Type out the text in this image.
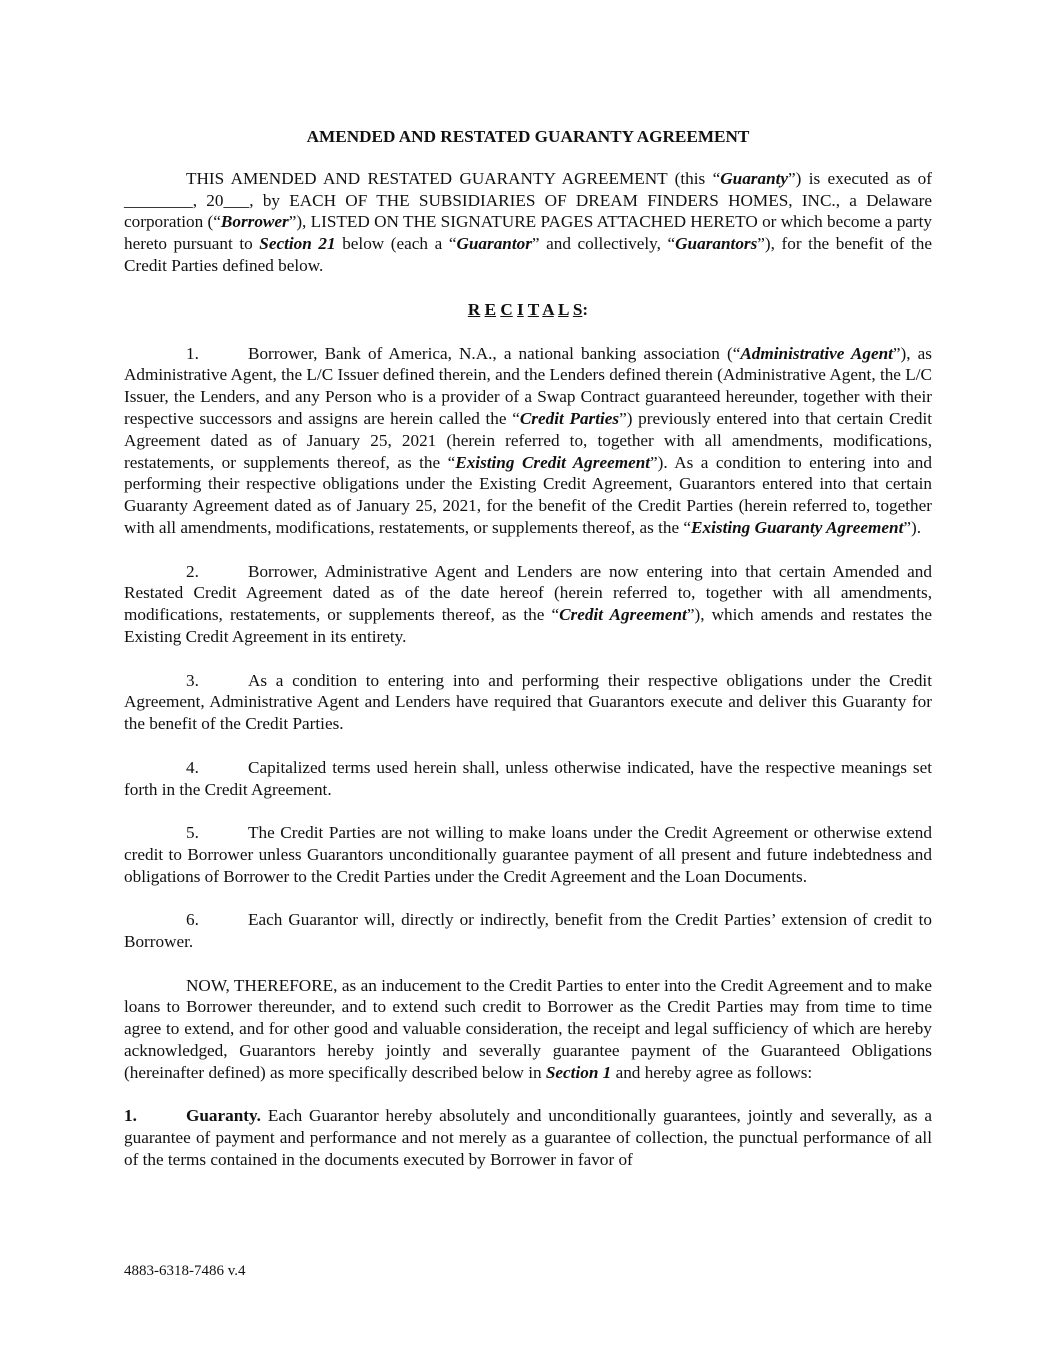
AMENDED AND RESTATED GUARANTY AGREEMENT

THIS AMENDED AND RESTATED GUARANTY AGREEMENT (this “Guaranty”) is executed as of ________, 20___, by EACH OF THE SUBSIDIARIES OF DREAM FINDERS HOMES, INC., a Delaware corporation (“Borrower”), LISTED ON THE SIGNATURE PAGES ATTACHED HERETO or which become a party hereto pursuant to Section 21 below (each a “Guarantor” and collectively, “Guarantors”), for the benefit of the Credit Parties defined below.

R E C I T A L S:

1.	Borrower, Bank of America, N.A., a national banking association (“Administrative Agent”), as Administrative Agent, the L/C Issuer defined therein, and the Lenders defined therein (Administrative Agent, the L/C Issuer, the Lenders, and any Person who is a provider of a Swap Contract guaranteed hereunder, together with their respective successors and assigns are herein called the “Credit Parties”) previously entered into that certain Credit Agreement dated as of January 25, 2021 (herein referred to, together with all amendments, modifications, restatements, or supplements thereof, as the “Existing Credit Agreement”). As a condition to entering into and performing their respective obligations under the Existing Credit Agreement, Guarantors entered into that certain Guaranty Agreement dated as of January 25, 2021, for the benefit of the Credit Parties (herein referred to, together with all amendments, modifications, restatements, or supplements thereof, as the “Existing Guaranty Agreement”).

2.	Borrower, Administrative Agent and Lenders are now entering into that certain Amended and Restated Credit Agreement dated as of the date hereof (herein referred to, together with all amendments, modifications, restatements, or supplements thereof, as the “Credit Agreement”), which amends and restates the Existing Credit Agreement in its entirety.

3.	As a condition to entering into and performing their respective obligations under the Credit Agreement, Administrative Agent and Lenders have required that Guarantors execute and deliver this Guaranty for the benefit of the Credit Parties.

4.	Capitalized terms used herein shall, unless otherwise indicated, have the respective meanings set forth in the Credit Agreement.

5.	The Credit Parties are not willing to make loans under the Credit Agreement or otherwise extend credit to Borrower unless Guarantors unconditionally guarantee payment of all present and future indebtedness and obligations of Borrower to the Credit Parties under the Credit Agreement and the Loan Documents.

6.	Each Guarantor will, directly or indirectly, benefit from the Credit Parties’ extension of credit to Borrower.

NOW, THEREFORE, as an inducement to the Credit Parties to enter into the Credit Agreement and to make loans to Borrower thereunder, and to extend such credit to Borrower as the Credit Parties may from time to time agree to extend, and for other good and valuable consideration, the receipt and legal sufficiency of which are hereby acknowledged, Guarantors hereby jointly and severally guarantee payment of the Guaranteed Obligations (hereinafter defined) as more specifically described below in Section 1 and hereby agree as follows:

1.	Guaranty. Each Guarantor hereby absolutely and unconditionally guarantees, jointly and severally, as a guarantee of payment and performance and not merely as a guarantee of collection, the punctual performance of all of the terms contained in the documents executed by Borrower in favor of

4883-6318-7486 v.4
